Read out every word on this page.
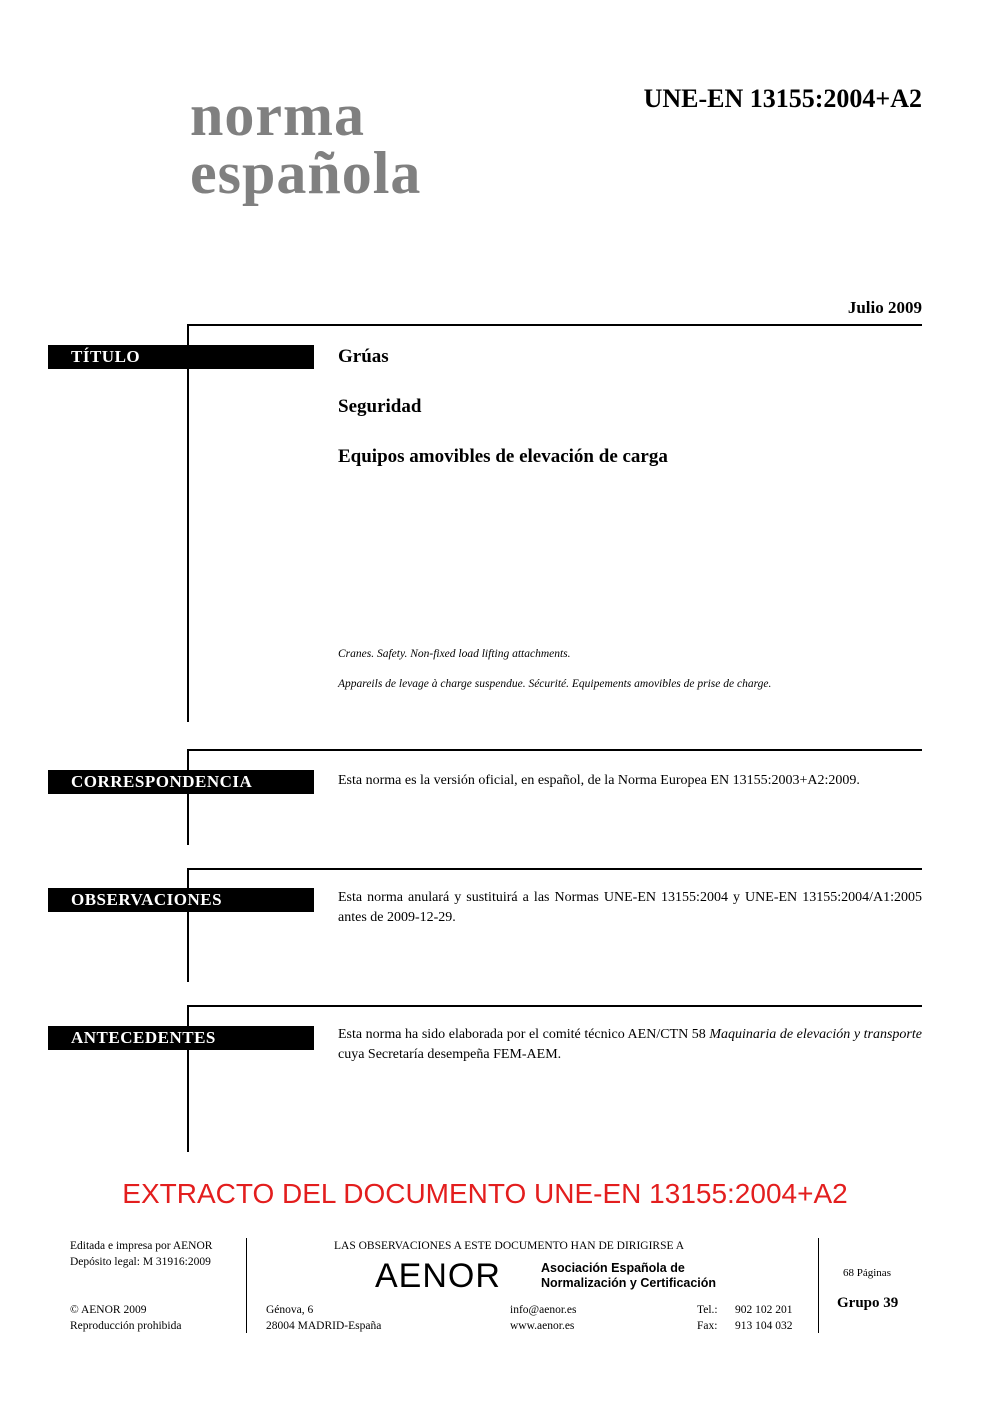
norma
española
UNE-EN 13155:2004+A2
Julio 2009
TÍTULO	Grúas
Seguridad
Equipos amovibles de elevación de carga
Cranes. Safety. Non-fixed load lifting attachments.
Appareils de levage à charge suspendue. Sécurité. Equipements amovibles de prise de charge.
CORRESPONDENCIA	Esta norma es la versión oficial, en español, de la Norma Europea EN 13155:2003+A2:2009.
OBSERVACIONES	Esta norma anulará y sustituirá a las Normas UNE-EN 13155:2004 y UNE-EN 13155:2004/A1:2005 antes de 2009-12-29.
ANTECEDENTES	Esta norma ha sido elaborada por el comité técnico AEN/CTN 58 Maquinaria de elevación y transporte cuya Secretaría desempeña FEM-AEM.
EXTRACTO DEL DOCUMENTO UNE-EN 13155:2004+A2
Editada e impresa por AENOR
Depósito legal: M 31916:2009
© AENOR 2009
Reproducción prohibida
LAS OBSERVACIONES A ESTE DOCUMENTO HAN DE DIRIGIRSE A
AENOR	Asociación Española de
Normalización y Certificación
Génova, 6
28004 MADRID-España
info@aenor.es
www.aenor.es
Tel.: 902 102 201
Fax: 913 104 032
68 Páginas
Grupo 39
